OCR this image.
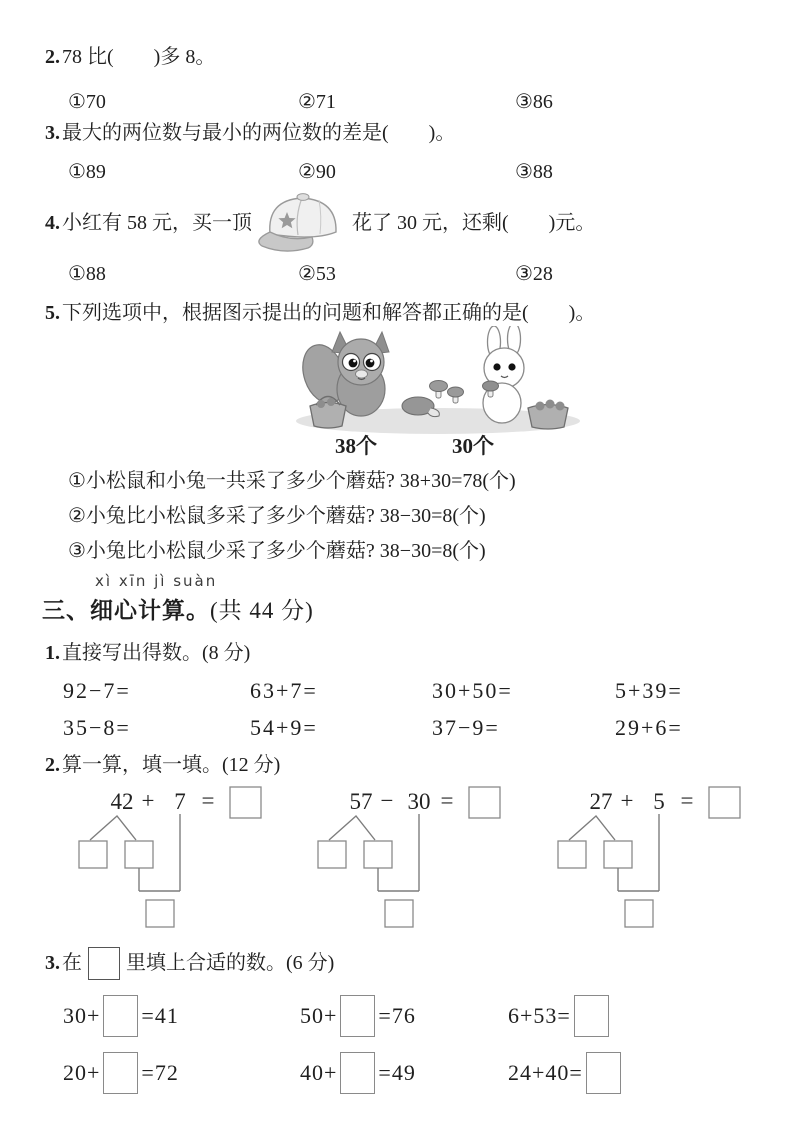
2. 78 比(　　)多 8。
①70	②71	③86
3. 最大的两位数与最小的两位数的差是(　　)。
①89	②90	③88
4. 小红有 58 元，买一顶	花了 30 元，还剩(　　)元。
①88	②53	③28
5. 下列选项中，根据图示提出的问题和解答都正确的是(　　)。
38个	30个
①小松鼠和小兔一共采了多少个蘑菇? 38+30=78(个)
②小兔比小松鼠多采了多少个蘑菇? 38−30=8(个)
③小兔比小松鼠少采了多少个蘑菇? 38−30=8(个)
xì xīn jì suàn
三、细心计算。(共 44 分)
1. 直接写出得数。(8 分)
92−7=	63+7=	30+50=	5+39=
35−8=	54+9=	37−9=	29+6=
2. 算一算，填一填。(12 分)
42 + 7 =	57 − 30 =	27 + 5 =
3. 在 里填上合适的数。(6 分)
30+ =41	50+ =76	6+53=
20+ =72	40+ =49	24+40=
